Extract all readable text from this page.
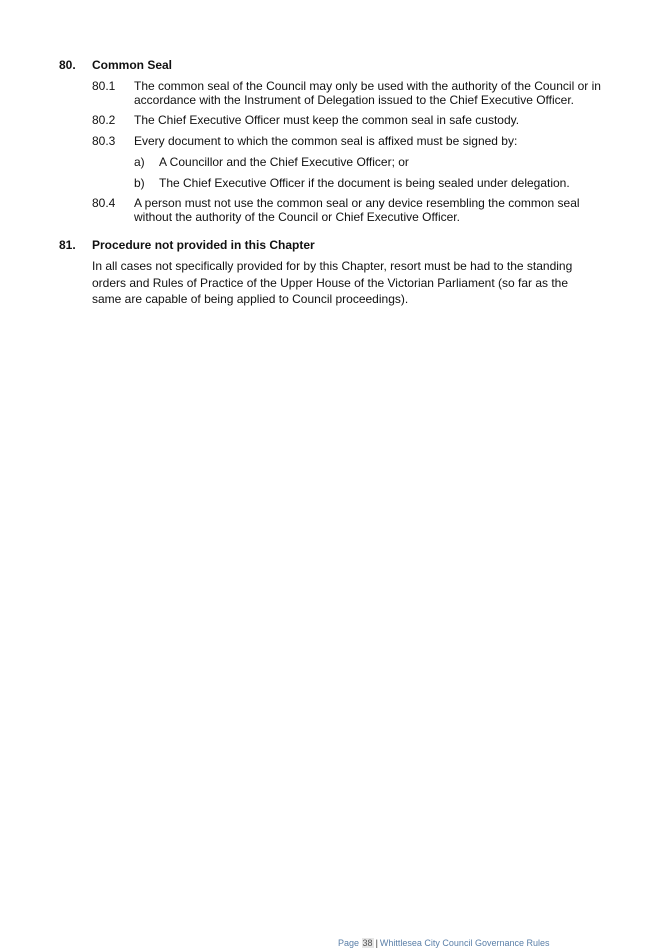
80. Common Seal
80.1 The common seal of the Council may only be used with the authority of the Council or in accordance with the Instrument of Delegation issued to the Chief Executive Officer.
80.2 The Chief Executive Officer must keep the common seal in safe custody.
80.3 Every document to which the common seal is affixed must be signed by:
a) A Councillor and the Chief Executive Officer; or
b) The Chief Executive Officer if the document is being sealed under delegation.
80.4 A person must not use the common seal or any device resembling the common seal without the authority of the Council or Chief Executive Officer.
81. Procedure not provided in this Chapter
In all cases not specifically provided for by this Chapter, resort must be had to the standing orders and Rules of Practice of the Upper House of the Victorian Parliament (so far as the same are capable of being applied to Council proceedings).
Page 38 | Whittlesea City Council Governance Rules
